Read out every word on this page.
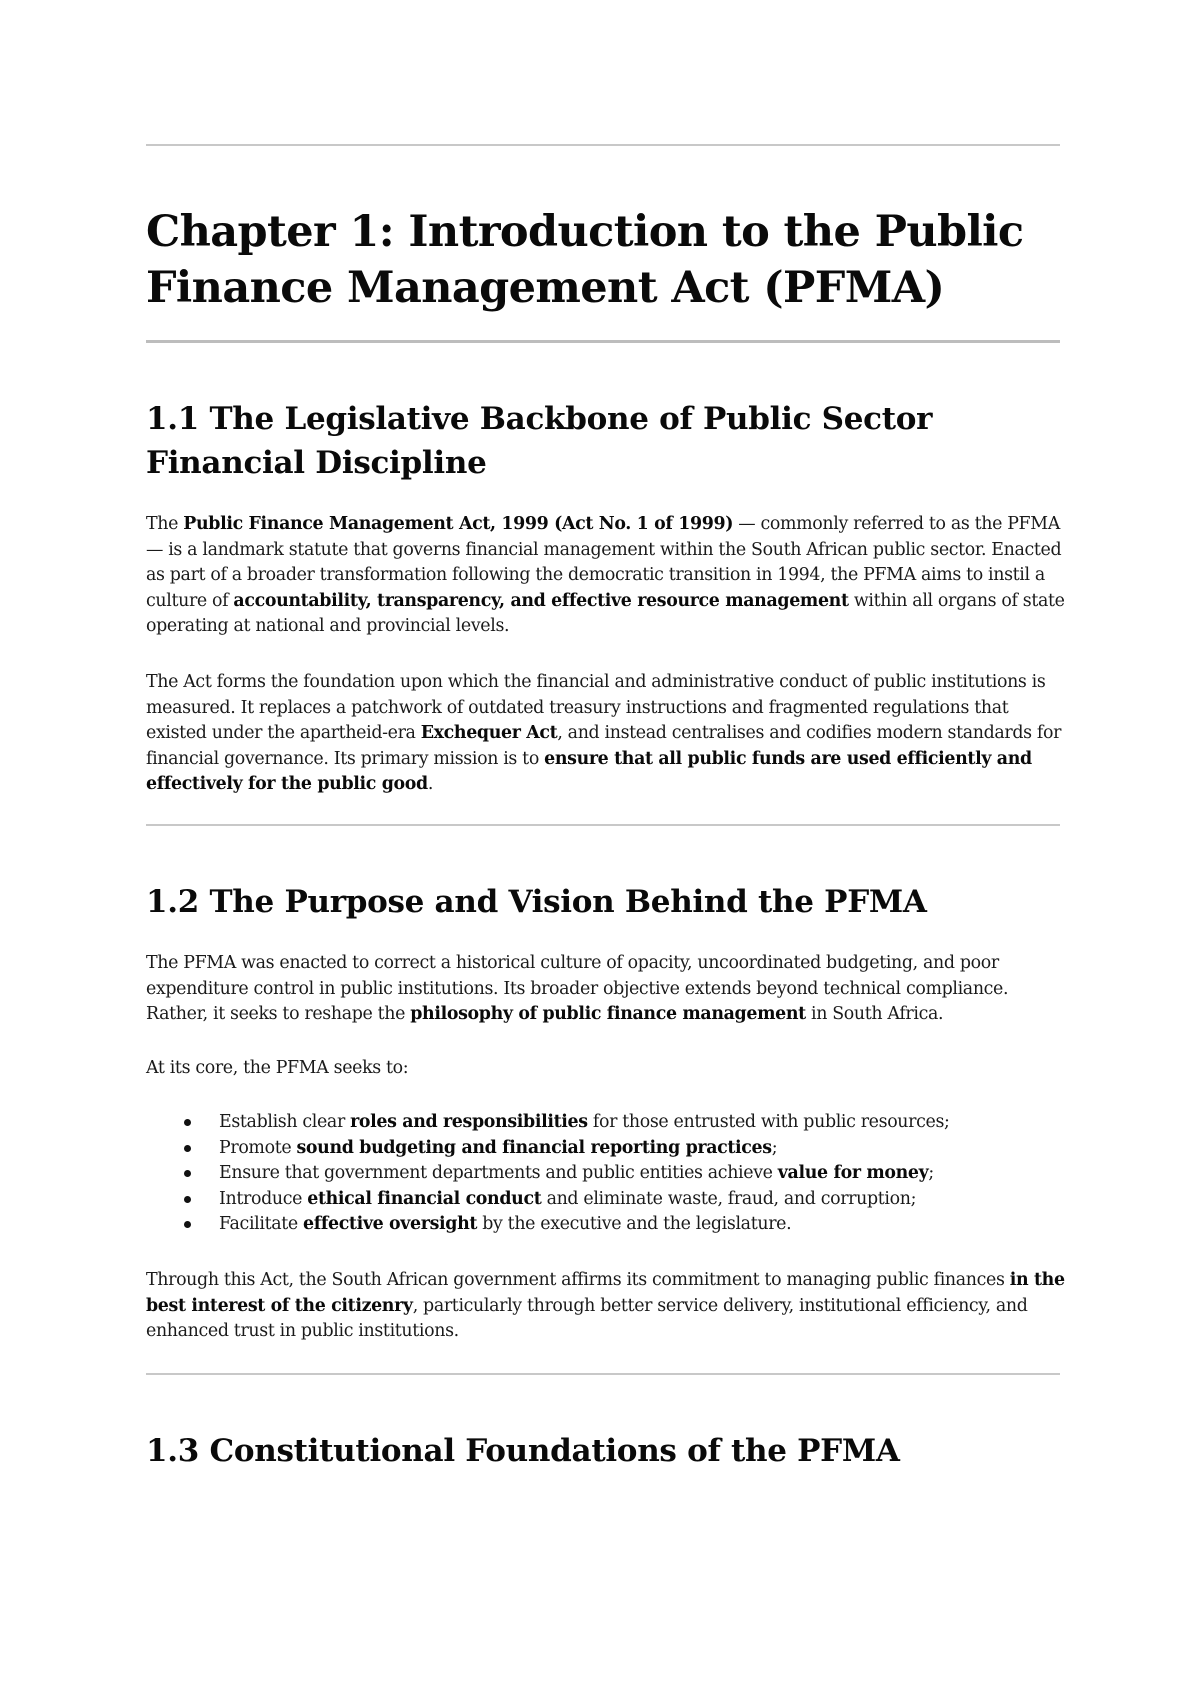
Chapter 1: Introduction to the Public Finance Management Act (PFMA)
1.1 The Legislative Backbone of Public Sector Financial Discipline

The Public Finance Management Act, 1999 (Act No. 1 of 1999) — commonly referred to as the PFMA — is a landmark statute that governs financial management within the South African public sector. Enacted as part of a broader transformation following the democratic transition in 1994, the PFMA aims to instil a culture of accountability, transparency, and effective resource management within all organs of state operating at national and provincial levels.

The Act forms the foundation upon which the financial and administrative conduct of public institutions is measured. It replaces a patchwork of outdated treasury instructions and fragmented regulations that existed under the apartheid-era Exchequer Act, and instead centralises and codifies modern standards for financial governance. Its primary mission is to ensure that all public funds are used efficiently and effectively for the public good.

1.2 The Purpose and Vision Behind the PFMA

The PFMA was enacted to correct a historical culture of opacity, uncoordinated budgeting, and poor expenditure control in public institutions. Its broader objective extends beyond technical compliance. Rather, it seeks to reshape the philosophy of public finance management in South Africa.

At its core, the PFMA seeks to:

Establish clear roles and responsibilities for those entrusted with public resources;
Promote sound budgeting and financial reporting practices;
Ensure that government departments and public entities achieve value for money;
Introduce ethical financial conduct and eliminate waste, fraud, and corruption;
Facilitate effective oversight by the executive and the legislature.

Through this Act, the South African government affirms its commitment to managing public finances in the best interest of the citizenry, particularly through better service delivery, institutional efficiency, and enhanced trust in public institutions.

1.3 Constitutional Foundations of the PFMA
